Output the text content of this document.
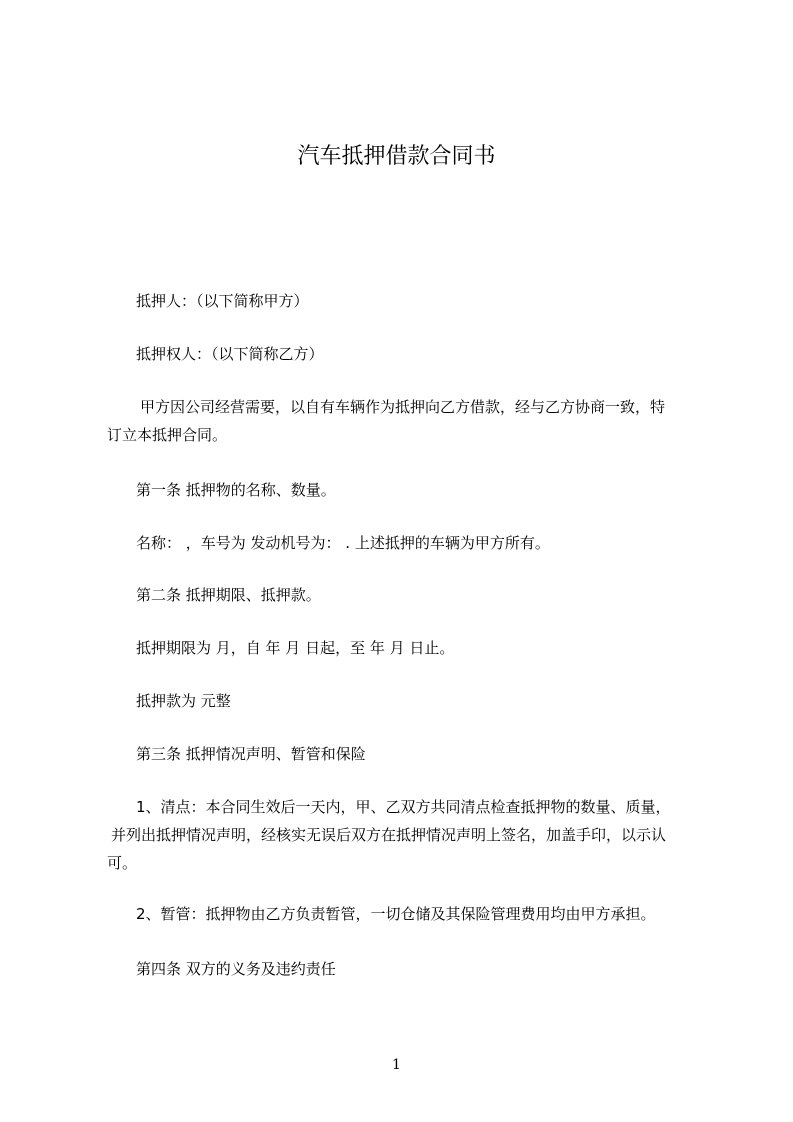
汽车抵押借款合同书
抵押人：（以下简称甲方）
抵押权人：（以下简称乙方）
甲方因公司经营需要，以自有车辆作为抵押向乙方借款，经与乙方协商一致，特
订立本抵押合同。
第一条 抵押物的名称、数量。
名称： ，车号为 发动机号为： . 上述抵押的车辆为甲方所有。
第二条 抵押期限、抵押款。
抵押期限为 月，自 年 月 日起，至 年 月 日止。
抵押款为 元整
第三条 抵押情况声明、暂管和保险
1、清点：本合同生效后一天内，甲、乙双方共同清点检查抵押物的数量、质量，
并列出抵押情况声明，经核实无误后双方在抵押情况声明上签名，加盖手印，以示认
可。
2、暂管：抵押物由乙方负责暂管，一切仓储及其保险管理费用均由甲方承担。
第四条 双方的义务及违约责任
1
